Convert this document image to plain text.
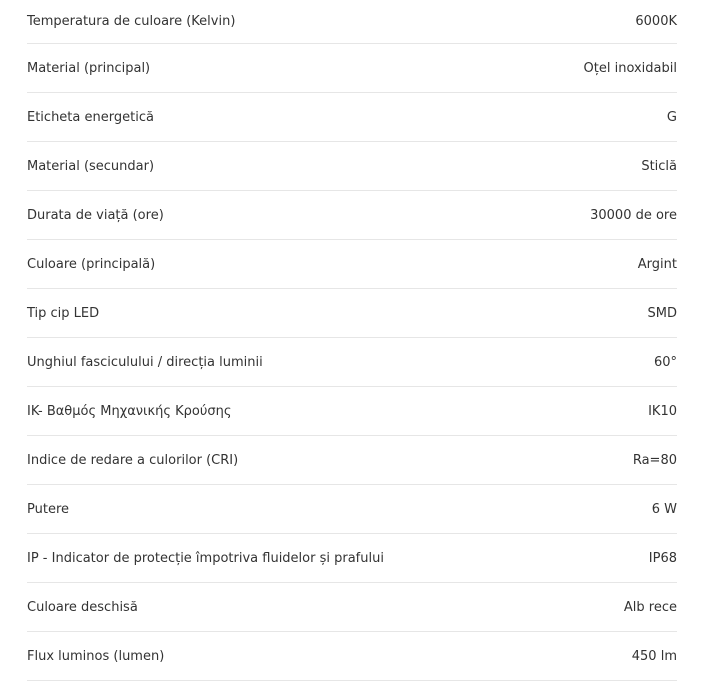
Temperatura de culoare (Kelvin)	6000K
Material (principal)	Oțel inoxidabil
Eticheta energetică	G
Material (secundar)	Sticlă
Durata de viață (ore)	30000 de ore
Culoare (principală)	Argint
Tip cip LED	SMD
Unghiul fasciculului / direcția luminii	60°
IK- Βαθμός Μηχανικής Κρούσης	IK10
Indice de redare a culorilor (CRI)	Ra=80
Putere	6 W
IP - Indicator de protecție împotriva fluidelor și prafului	IP68
Culoare deschisă	Alb rece
Flux luminos (lumen)	450 lm
